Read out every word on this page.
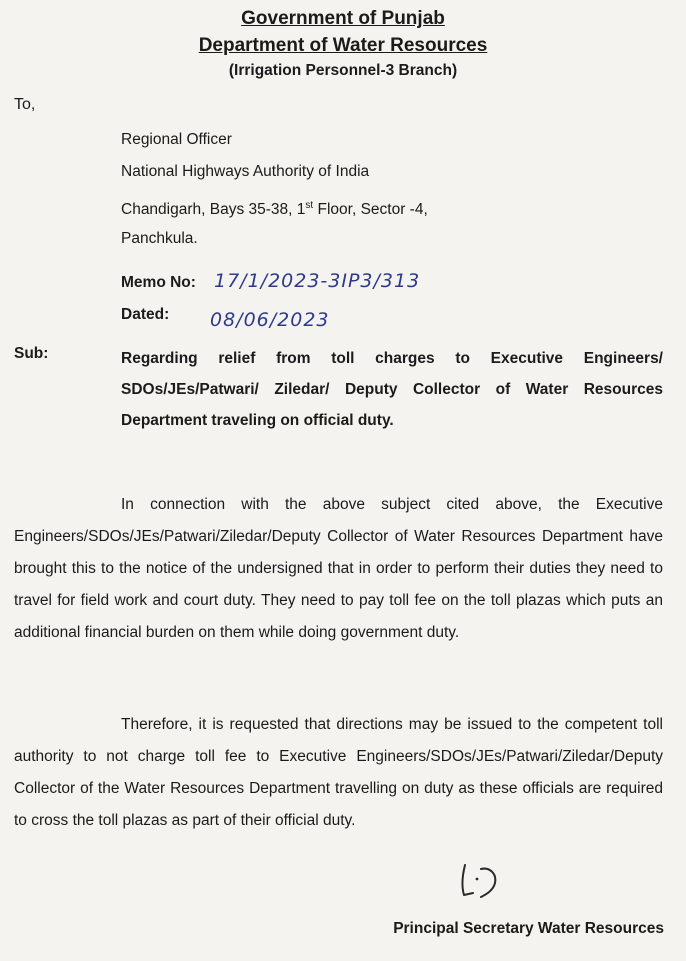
Government of Punjab
Department of Water Resources
(Irrigation Personnel-3 Branch)
To,
Regional Officer
National Highways Authority of India
Chandigarh, Bays 35-38, 1st Floor, Sector -4,
Panchkula.
Memo No: 17/1/2023-3IP3/313
Dated: 08/06/2023
Sub:	Regarding relief from toll charges to Executive Engineers/ SDOs/JEs/Patwari/ Ziledar/ Deputy Collector of Water Resources Department traveling on official duty.

In connection with the above subject cited above, the Executive Engineers/SDOs/JEs/Patwari/Ziledar/Deputy Collector of Water Resources Department have brought this to the notice of the undersigned that in order to perform their duties they need to travel for field work and court duty. They need to pay toll fee on the toll plazas which puts an additional financial burden on them while doing government duty.

Therefore, it is requested that directions may be issued to the competent toll authority to not charge toll fee to Executive Engineers/SDOs/JEs/Patwari/Ziledar/Deputy Collector of the Water Resources Department travelling on duty as these officials are required to cross the toll plazas as part of their official duty.

Principal Secretary Water Resources
